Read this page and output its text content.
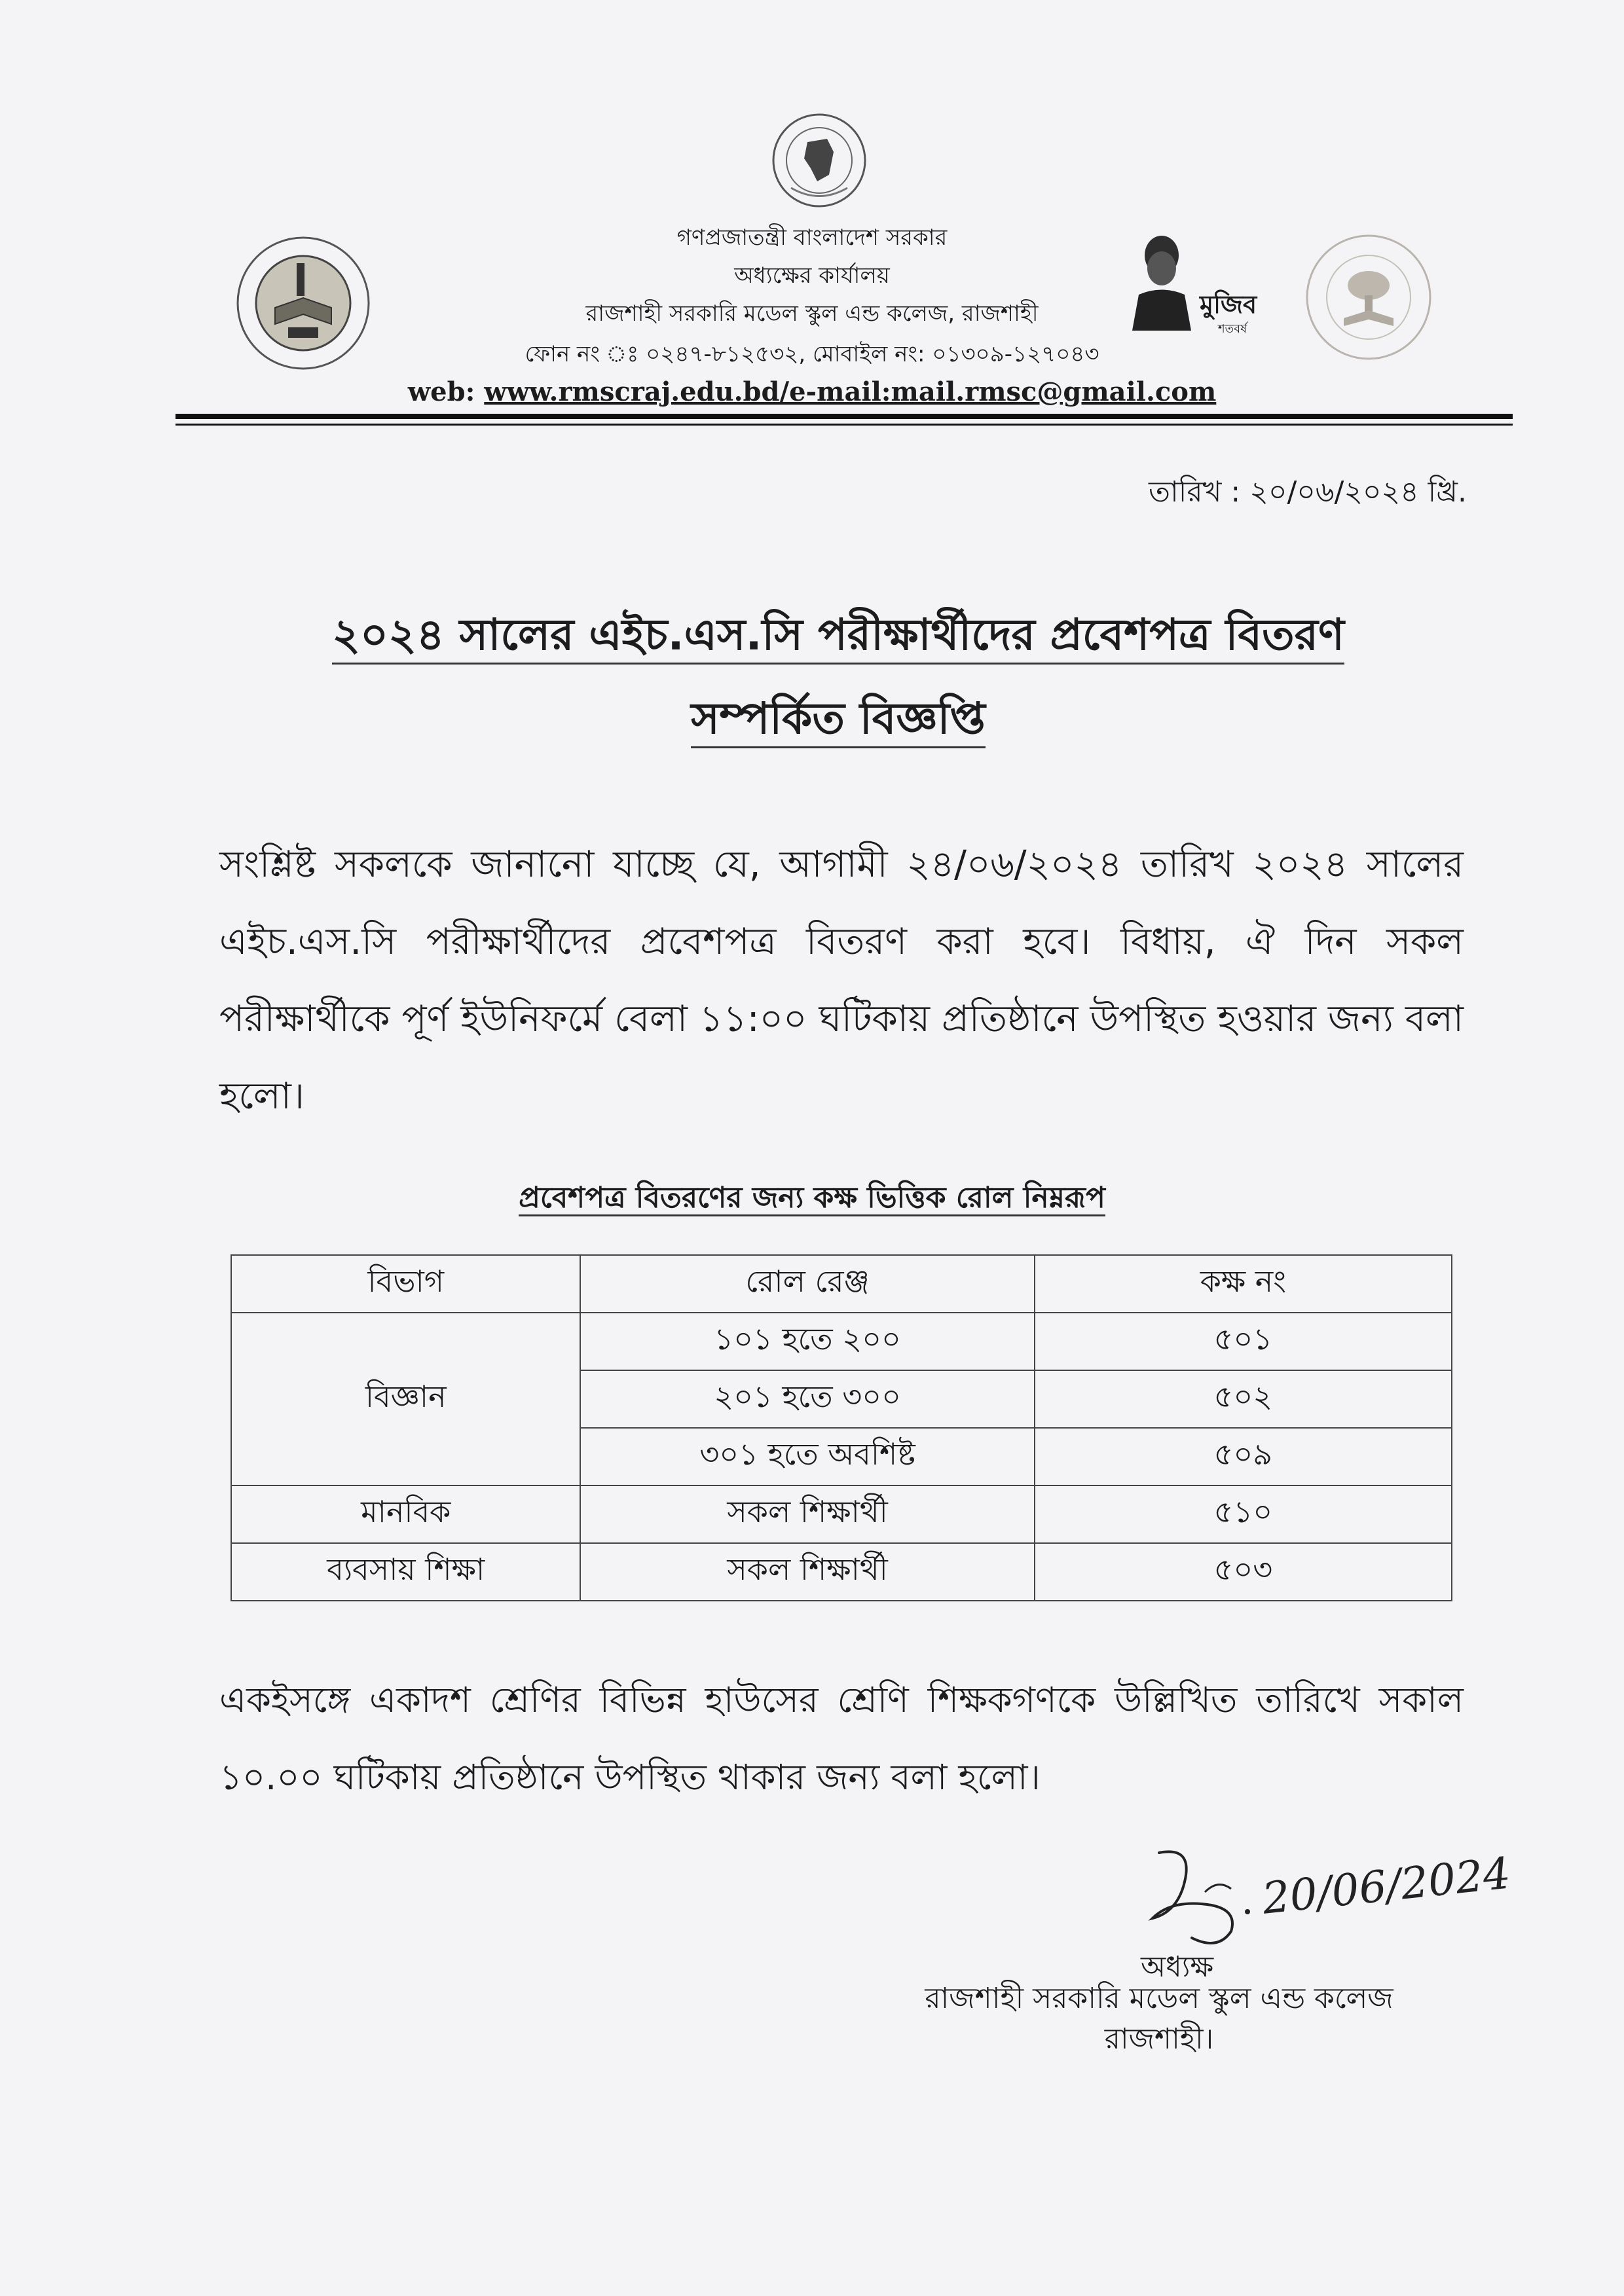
মুজিব
শতবর্ষ
গণপ্রজাতন্ত্রী বাংলাদেশ সরকার
অধ্যক্ষের কার্যালয়
রাজশাহী সরকারি মডেল স্কুল এন্ড কলেজ, রাজশাহী
ফোন নং ঃ ০২৪৭-৮১২৫৩২, মোবাইল নং: ০১৩০৯-১২৭০৪৩
web: www.rmscraj.edu.bd/e-mail:mail.rmsc@gmail.com
তারিখ : ২০/০৬/২০২৪ খ্রি.
২০২৪ সালের এইচ.এস.সি পরীক্ষার্থীদের প্রবেশপত্র বিতরণ
সম্পর্কিত বিজ্ঞপ্তি
সংশ্লিষ্ট সকলকে জানানো যাচ্ছে যে, আগামী ২৪/০৬/২০২৪ তারিখ ২০২৪ সালের এইচ.এস.সি পরীক্ষার্থীদের প্রবেশপত্র বিতরণ করা হবে। বিধায়, ঐ দিন সকল পরীক্ষার্থীকে পূর্ণ ইউনিফর্মে বেলা ১১:০০ ঘটিকায় প্রতিষ্ঠানে উপস্থিত হওয়ার জন্য বলা হলো।
প্রবেশপত্র বিতরণের জন্য কক্ষ ভিত্তিক রোল নিম্নরূপ
বিভাগ	রোল রেঞ্জ	কক্ষ নং
বিজ্ঞান	১০১ হতে ২০০	৫০১
	২০১ হতে ৩০০	৫০২
	৩০১ হতে অবশিষ্ট	৫০৯
মানবিক	সকল শিক্ষার্থী	৫১০
ব্যবসায় শিক্ষা	সকল শিক্ষার্থী	৫০৩
একইসঙ্গে একাদশ শ্রেণির বিভিন্ন হাউসের শ্রেণি শিক্ষকগণকে উল্লিখিত তারিখে সকাল ১০.০০ ঘটিকায় প্রতিষ্ঠানে উপস্থিত থাকার জন্য বলা হলো।
20/06/2024
অধ্যক্ষ
রাজশাহী সরকারি মডেল স্কুল এন্ড কলেজ
রাজশাহী।
